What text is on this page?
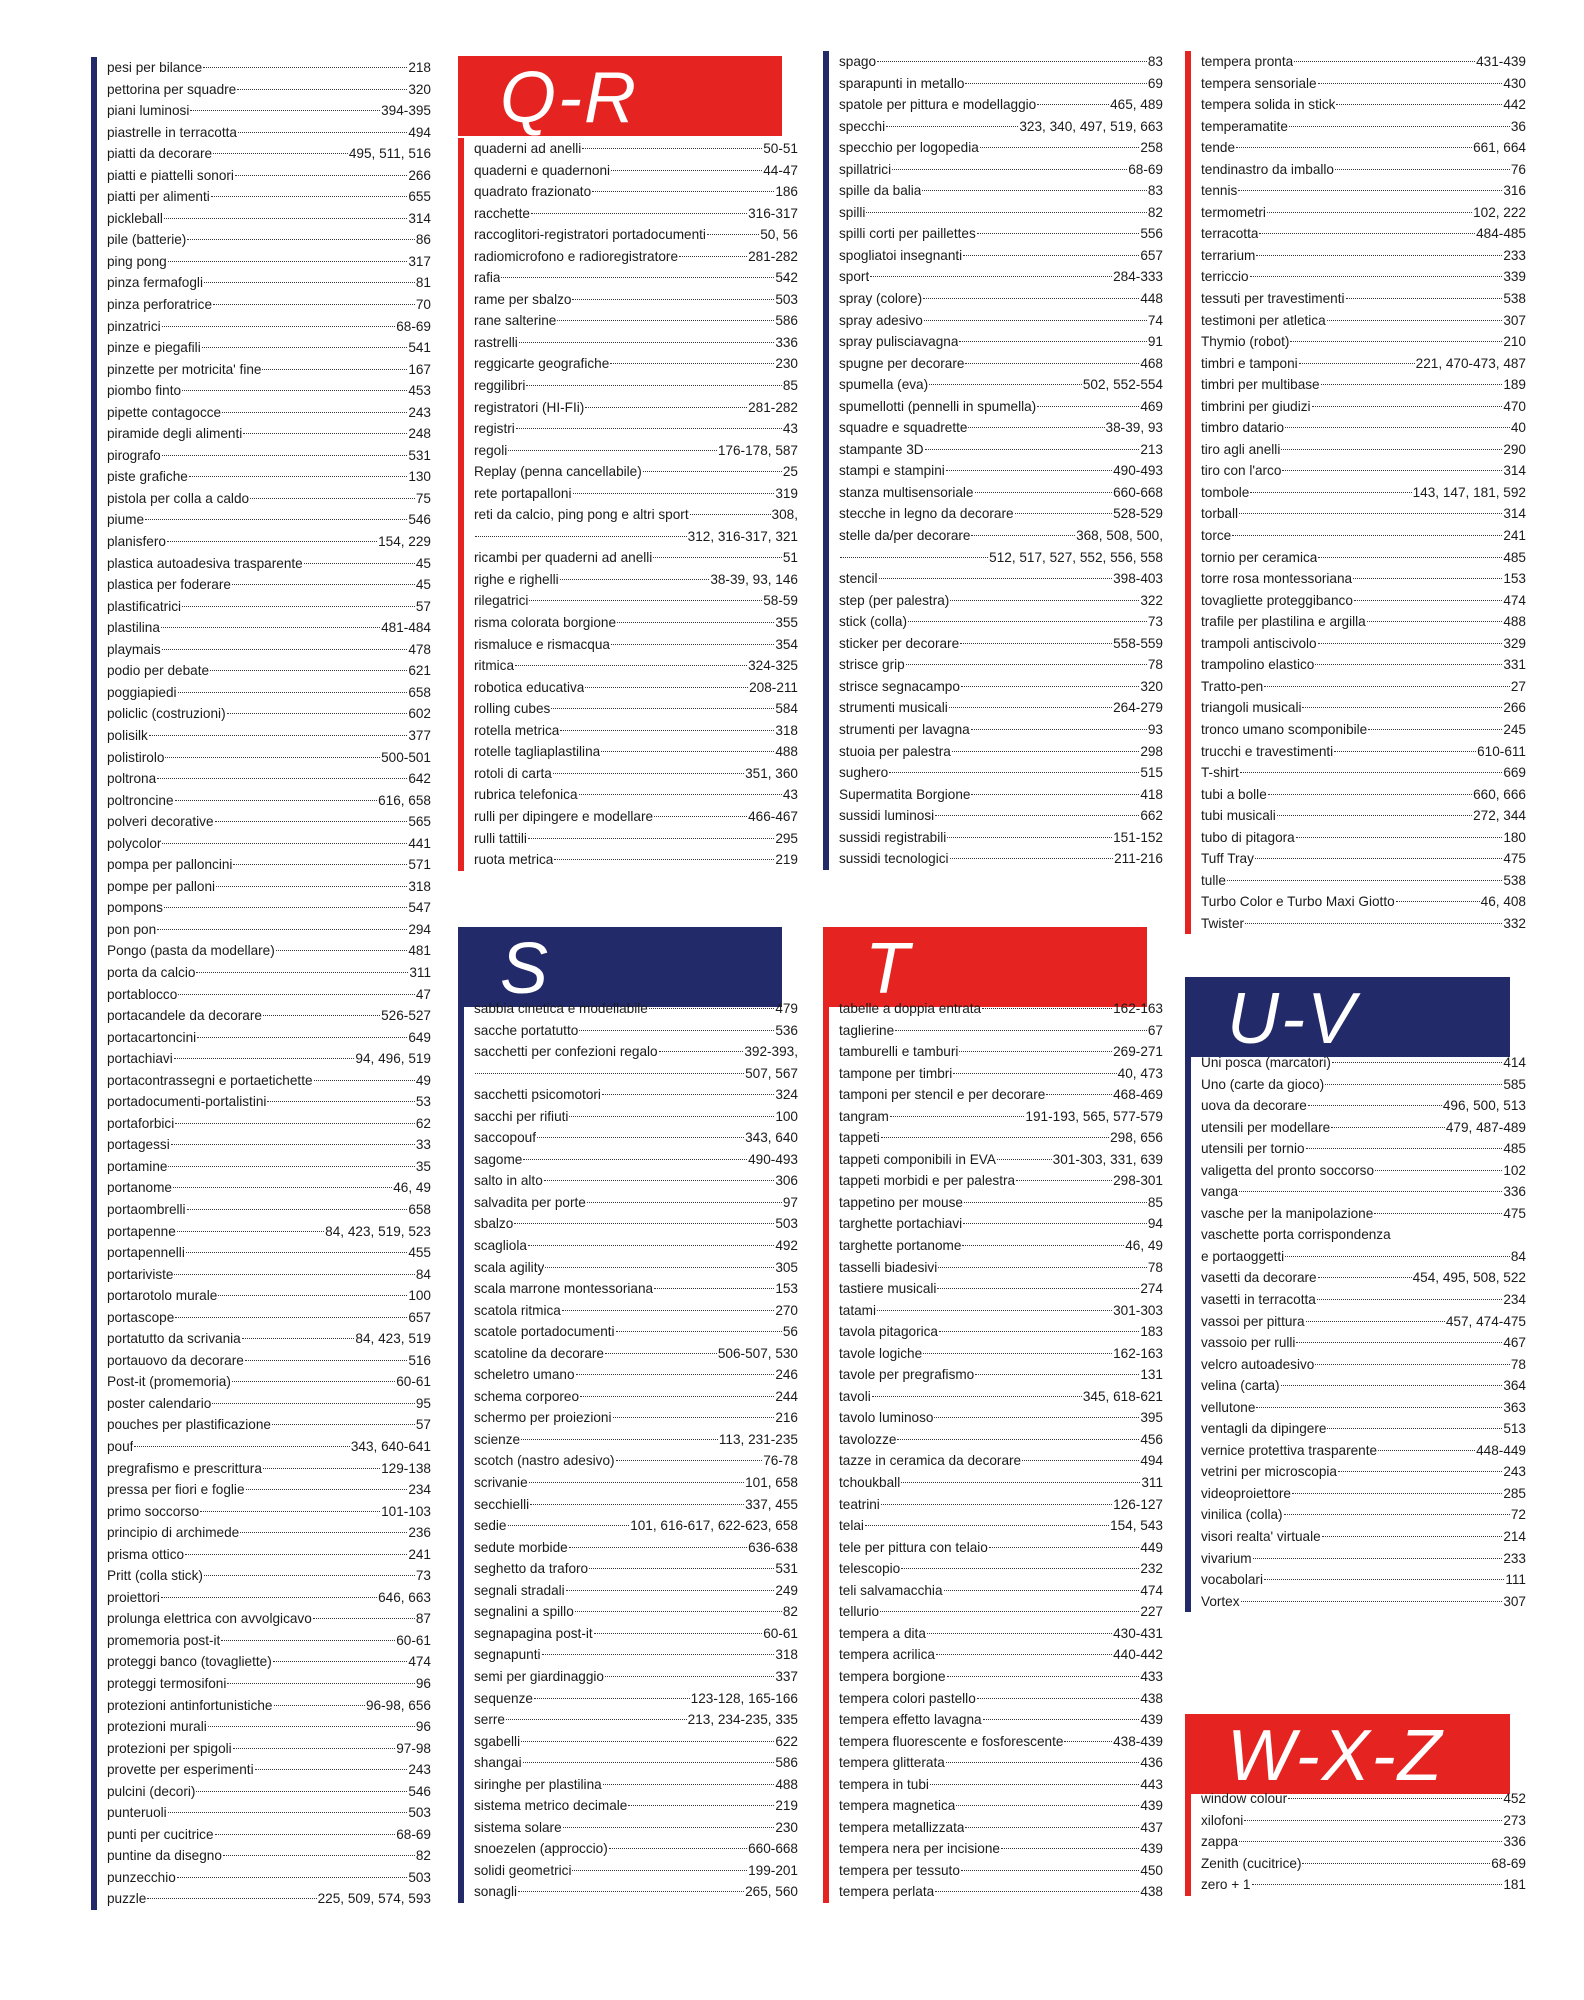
Q-R
S	T
U-V
W-X-Z
pesi per bilance	218
pettorina per squadre	320
piani luminosi	394-395
piastrelle in terracotta	494
piatti da decorare	495, 511, 516
piatti e piattelli sonori	266
piatti per alimenti	655
pickleball	314
pile (batterie)	86
ping pong	317
pinza fermafogli	81
pinza perforatrice	70
pinzatrici	68-69
pinze e piegafili	541
pinzette per motricita' fine	167
piombo finto	453
pipette contagocce	243
piramide degli alimenti	248
pirografo	531
piste grafiche	130
pistola per colla a caldo	75
piume	546
planisfero	154, 229
plastica autoadesiva trasparente	45
plastica per foderare	45
plastificatrici	57
plastilina	481-484
playmais	478
podio per debate	621
poggiapiedi	658
policlic (costruzioni)	602
polisilk	377
polistirolo	500-501
poltrona	642
poltroncine	616, 658
polveri decorative	565
polycolor	441
pompa per palloncini	571
pompe per palloni	318
pompons	547
pon pon	294
Pongo (pasta da modellare)	481
porta da calcio	311
portablocco	47
portacandele da decorare	526-527
portacartoncini	649
portachiavi	94, 496, 519
portacontrassegni e portaetichette	49
portadocumenti-portalistini	53
portaforbici	62
portagessi	33
portamine	35
portanome	46, 49
portaombrelli	658
portapenne	84, 423, 519, 523
portapennelli	455
portariviste	84
portarotolo murale	100
portascope	657
portatutto da scrivania	84, 423, 519
portauovo da decorare	516
Post-it (promemoria)	60-61
poster calendario	95
pouches per plastificazione	57
pouf	343, 640-641
pregrafismo e prescrittura	129-138
pressa per fiori e foglie	234
primo soccorso	101-103
principio di archimede	236
prisma ottico	241
Pritt (colla stick)	73
proiettori	646, 663
prolunga elettrica con avvolgicavo	87
promemoria post-it	60-61
proteggi banco (tovagliette)	474
proteggi termosifoni	96
protezioni antinfortunistiche	96-98, 656
protezioni murali	96
protezioni per spigoli	97-98
provette per esperimenti	243
pulcini (decori)	546
punteruoli	503
punti per cucitrice	68-69
puntine da disegno	82
punzecchio	503
puzzle	225, 509, 574, 593
quaderni ad anelli	50-51
quaderni e quadernoni	44-47
quadrato frazionato	186
racchette	316-317
raccoglitori-registratori portadocumenti	50, 56
radiomicrofono e radioregistratore	281-282
rafia	542
rame per sbalzo	503
rane salterine	586
rastrelli	336
reggicarte geografiche	230
reggilibri	85
registratori (HI-FIi)	281-282
registri	43
regoli	176-178, 587
Replay (penna cancellabile)	25
rete portapalloni	319
reti da calcio, ping pong e altri sport	308,
312, 316-317, 321
ricambi per quaderni ad anelli	51
righe e righelli	38-39, 93, 146
rilegatrici	58-59
risma colorata borgione	355
rismaluce e rismacqua	354
ritmica	324-325
robotica educativa	208-211
rolling cubes	584
rotella metrica	318
rotelle tagliaplastilina	488
rotoli di carta	351, 360
rubrica telefonica	43
rulli per dipingere e modellare	466-467
rulli tattili	295
ruota metrica	219
spago	83
sparapunti in metallo	69
spatole per pittura e modellaggio	465, 489
specchi	323, 340, 497, 519, 663
specchio per logopedia	258
spillatrici	68-69
spille da balia	83
spilli	82
spilli corti per paillettes	556
spogliatoi insegnanti	657
sport	284-333
spray (colore)	448
spray adesivo	74
spray pulisciavagna	91
spugne per decorare	468
spumella (eva)	502, 552-554
spumellotti (pennelli in spumella)	469
squadre e squadrette	38-39, 93
stampante 3D	213
stampi e stampini	490-493
stanza multisensoriale	660-668
stecche in legno da decorare	528-529
stelle da/per decorare	368, 508, 500,
512, 517, 527, 552, 556, 558
stencil	398-403
step (per palestra)	322
stick (colla)	73
sticker per decorare	558-559
strisce grip	78
strisce segnacampo	320
strumenti musicali	264-279
strumenti per lavagna	93
stuoia per palestra	298
sughero	515
Supermatita Borgione	418
sussidi luminosi	662
sussidi registrabili	151-152
sussidi tecnologici	211-216
tempera pronta	431-439
tempera sensoriale	430
tempera solida in stick	442
temperamatite	36
tende	661, 664
tendinastro da imballo	76
tennis	316
termometri	102, 222
terracotta	484-485
terrarium	233
terriccio	339
tessuti per travestimenti	538
testimoni per atletica	307
Thymio (robot)	210
timbri e tamponi	221, 470-473, 487
timbri per multibase	189
timbrini per giudizi	470
timbro datario	40
tiro agli anelli	290
tiro con l'arco	314
tombole	143, 147, 181, 592
torball	314
torce	241
tornio per ceramica	485
torre rosa montessoriana	153
tovagliette proteggibanco	474
trafile per plastilina e argilla	488
trampoli antiscivolo	329
trampolino elastico	331
Tratto-pen	27
triangoli musicali	266
tronco umano scomponibile	245
trucchi e travestimenti	610-611
T-shirt	669
tubi a bolle	660, 666
tubi musicali	272, 344
tubo di pitagora	180
Tuff Tray	475
tulle	538
Turbo Color e Turbo Maxi Giotto	46, 408
Twister	332
sabbia cinetica e modellabile	479
sacche portatutto	536
sacchetti per confezioni regalo	392-393,
507, 567
sacchetti psicomotori	324
sacchi per rifiuti	100
saccopouf	343, 640
sagome	490-493
salto in alto	306
salvadita per porte	97
sbalzo	503
scagliola	492
scala agility	305
scala marrone montessoriana	153
scatola ritmica	270
scatole portadocumenti	56
scatoline da decorare	506-507, 530
scheletro umano	246
schema corporeo	244
schermo per proiezioni	216
scienze	113, 231-235
scotch (nastro adesivo)	76-78
scrivanie	101, 658
secchielli	337, 455
sedie	101, 616-617, 622-623, 658
sedute morbide	636-638
seghetto da traforo	531
segnali stradali	249
segnalini a spillo	82
segnapagina post-it	60-61
segnapunti	318
semi per giardinaggio	337
sequenze	123-128, 165-166
serre	213, 234-235, 335
sgabelli	622
shangai	586
siringhe per plastilina	488
sistema metrico decimale	219
sistema solare	230
snoezelen (approccio)	660-668
solidi geometrici	199-201
sonagli	265, 560
tabelle a doppia entrata	162-163
taglierine	67
tamburelli e tamburi	269-271
tampone per timbri	40, 473
tamponi per stencil e per decorare	468-469
tangram	191-193, 565, 577-579
tappeti	298, 656
tappeti componibili in EVA	301-303, 331, 639
tappeti morbidi e per palestra	298-301
tappetino per mouse	85
targhette portachiavi	94
targhette portanome	46, 49
tasselli biadesivi	78
tastiere musicali	274
tatami	301-303
tavola pitagorica	183
tavole logiche	162-163
tavole per pregrafismo	131
tavoli	345, 618-621
tavolo luminoso	395
tavolozze	456
tazze in ceramica da decorare	494
tchoukball	311
teatrini	126-127
telai	154, 543
tele per pittura con telaio	449
telescopio	232
teli salvamacchia	474
tellurio	227
tempera a dita	430-431
tempera acrilica	440-442
tempera borgione	433
tempera colori pastello	438
tempera effetto lavagna	439
tempera fluorescente e fosforescente	438-439
tempera glitterata	436
tempera in tubi	443
tempera magnetica	439
tempera metallizzata	437
tempera nera per incisione	439
tempera per tessuto	450
tempera perlata	438
Uni posca (marcatori)	414
Uno (carte da gioco)	585
uova da decorare	496, 500, 513
utensili per modellare	479, 487-489
utensili per tornio	485
valigetta del pronto soccorso	102
vanga	336
vasche per la manipolazione	475
vaschette porta corrispondenza
e portaoggetti	84
vasetti da decorare	454, 495, 508, 522
vasetti in terracotta	234
vassoi per pittura	457, 474-475
vassoio per rulli	467
velcro autoadesivo	78
velina (carta)	364
vellutone	363
ventagli da dipingere	513
vernice protettiva trasparente	448-449
vetrini per microscopia	243
videoproiettore	285
vinilica (colla)	72
visori realta' virtuale	214
vivarium	233
vocabolari	111
Vortex	307
window colour	452
xilofoni	273
zappa	336
Zenith (cucitrice)	68-69
zero + 1	181
